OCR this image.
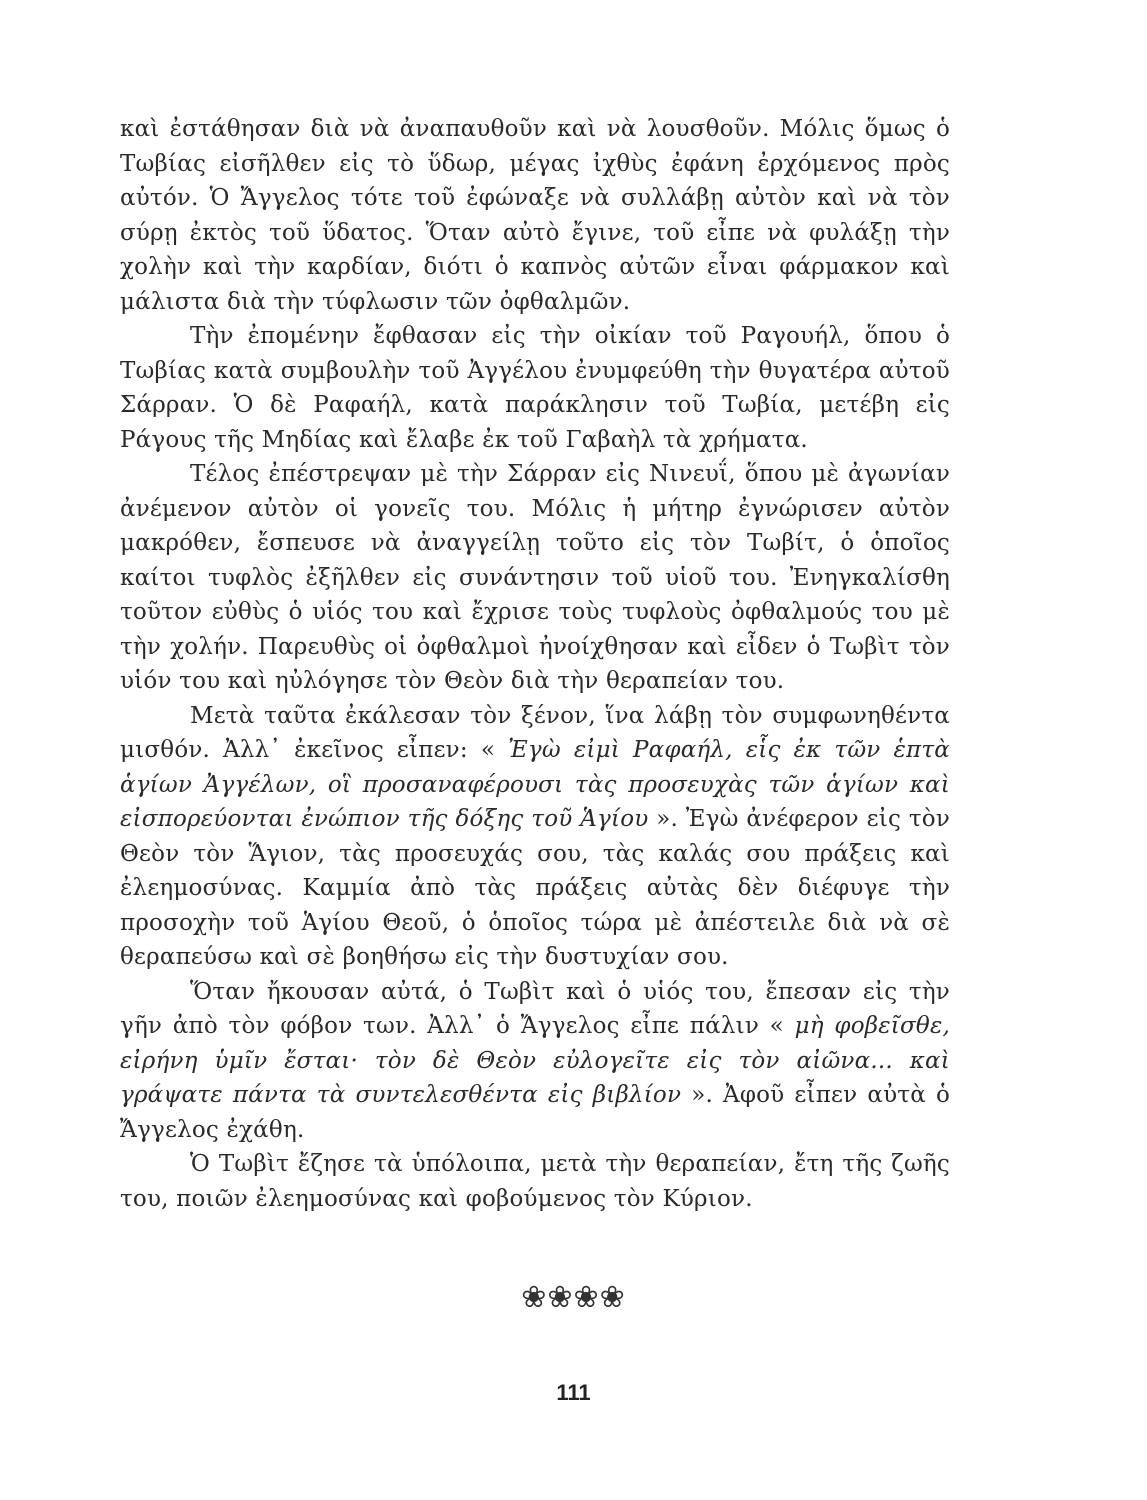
καὶ ἐστάθησαν διὰ νὰ ἀναπαυθοῦν καὶ νὰ λουσθοῦν. Μόλις ὅμως ὁ Τωβίας εἰσῆλθεν εἰς τὸ ὕδωρ, μέγας ἰχθὺς ἐφάνη ἐρχόμενος πρὸς αὐτόν. Ὁ Ἄγγελος τότε τοῦ ἐφώναξε νὰ συλλάβῃ αὐτὸν καὶ νὰ τὸν σύρῃ ἐκτὸς τοῦ ὕδατος. Ὅταν αὐτὸ ἔγινε, τοῦ εἶπε νὰ φυλάξῃ τὴν χολὴν καὶ τὴν καρδίαν, διότι ὁ καπνὸς αὐτῶν εἶναι φάρμακον καὶ μάλιστα διὰ τὴν τύφλωσιν τῶν ὀφθαλμῶν.

Τὴν ἐπομένην ἔφθασαν εἰς τὴν οἰκίαν τοῦ Ραγουήλ, ὅπου ὁ Τωβίας κατὰ συμβουλὴν τοῦ Ἀγγέλου ἐνυμφεύθη τὴν θυγατέρα αὐτοῦ Σάρραν. Ὁ δὲ Ραφαήλ, κατὰ παράκλησιν τοῦ Τωβία, μετέβη εἰς Ράγους τῆς Μηδίας καὶ ἔλαβε ἐκ τοῦ Γαβαὴλ τὰ χρήματα.

Τέλος ἐπέστρεψαν μὲ τὴν Σάρραν εἰς Νινευΐ, ὅπου μὲ ἀγωνίαν ἀνέμενον αὐτὸν οἱ γονεῖς του. Μόλις ἡ μήτηρ ἐγνώρισεν αὐτὸν μακρόθεν, ἔσπευσε νὰ ἀναγγείλῃ τοῦτο εἰς τὸν Τωβίτ, ὁ ὁποῖος καίτοι τυφλὸς ἐξῆλθεν εἰς συνάντησιν τοῦ υἱοῦ του. Ἐνηγκαλίσθη τοῦτον εὐθὺς ὁ υἱός του καὶ ἔχρισε τοὺς τυφλοὺς ὀφθαλμούς του μὲ τὴν χολήν. Παρευθὺς οἱ ὀφθαλμοὶ ἠνοίχθησαν καὶ εἶδεν ὁ Τωβὶτ τὸν υἱόν του καὶ ηὐλόγησε τὸν Θεὸν διὰ τὴν θεραπείαν του.

Μετὰ ταῦτα ἐκάλεσαν τὸν ξένον, ἵνα λάβῃ τὸν συμφωνηθέντα μισθόν. Ἀλλ᾽ ἐκεῖνος εἶπεν: « Ἐγὼ εἰμὶ Ραφαήλ, εἷς ἐκ τῶν ἑπτὰ ἁγίων Ἀγγέλων, οἳ προσαναφέρουσι τὰς προσευχὰς τῶν ἁγίων καὶ εἰσπορεύονται ἐνώπιον τῆς δόξης τοῦ Ἁγίου ». Ἐγὼ ἀνέφερον εἰς τὸν Θεὸν τὸν Ἅγιον, τὰς προσευχάς σου, τὰς καλάς σου πράξεις καὶ ἐλεημοσύνας. Καμμία ἀπὸ τὰς πράξεις αὐτὰς δὲν διέφυγε τὴν προσοχὴν τοῦ Ἁγίου Θεοῦ, ὁ ὁποῖος τώρα μὲ ἀπέστειλε διὰ νὰ σὲ θεραπεύσω καὶ σὲ βοηθήσω εἰς τὴν δυστυχίαν σου.

Ὅταν ἤκουσαν αὐτά, ὁ Τωβὶτ καὶ ὁ υἱός του, ἔπεσαν εἰς τὴν γῆν ἀπὸ τὸν φόβον των. Ἀλλ᾽ ὁ Ἄγγελος εἶπε πάλιν « μὴ φοβεῖσθε, εἰρήνη ὑμῖν ἔσται· τὸν δὲ Θεὸν εὐλογεῖτε εἰς τὸν αἰῶνα... καὶ γράψατε πάντα τὰ συντελεσθέντα εἰς βιβλίον ». Ἀφοῦ εἶπεν αὐτὰ ὁ Ἄγγελος ἐχάθη.

Ὁ Τωβὶτ ἔζησε τὰ ὑπόλοιπα, μετὰ τὴν θεραπείαν, ἔτη τῆς ζωῆς του, ποιῶν ἐλεημοσύνας καὶ φοβούμενος τὸν Κύριον.

❀❀❀❀
111
